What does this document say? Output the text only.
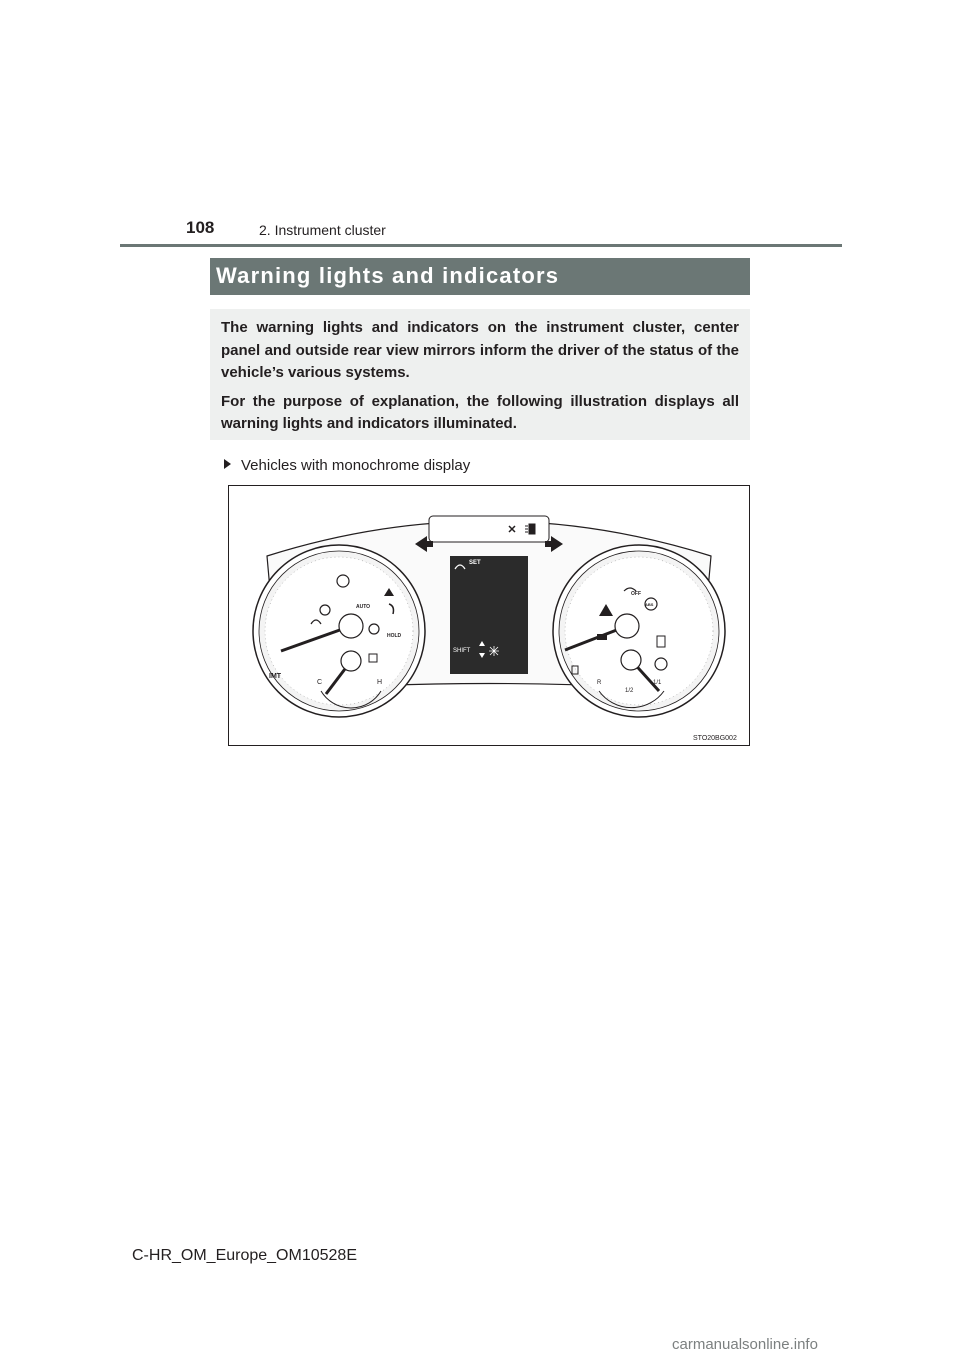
108	2. Instrument cluster
Warning lights and indicators

The warning lights and indicators on the instrument cluster, center panel and outside rear view mirrors inform the driver of the status of the vehicle’s various systems.

For the purpose of explanation, the following illustration displays all warning lights and indicators illuminated.

Vehicles with monochrome display
IMT
HOLD
AUTO
C	H
SET
SHIFT
OFF
ABS
R
1/2
1/1
STO20BG002
C-HR_OM_Europe_OM10528E
carmanualsonline.info
